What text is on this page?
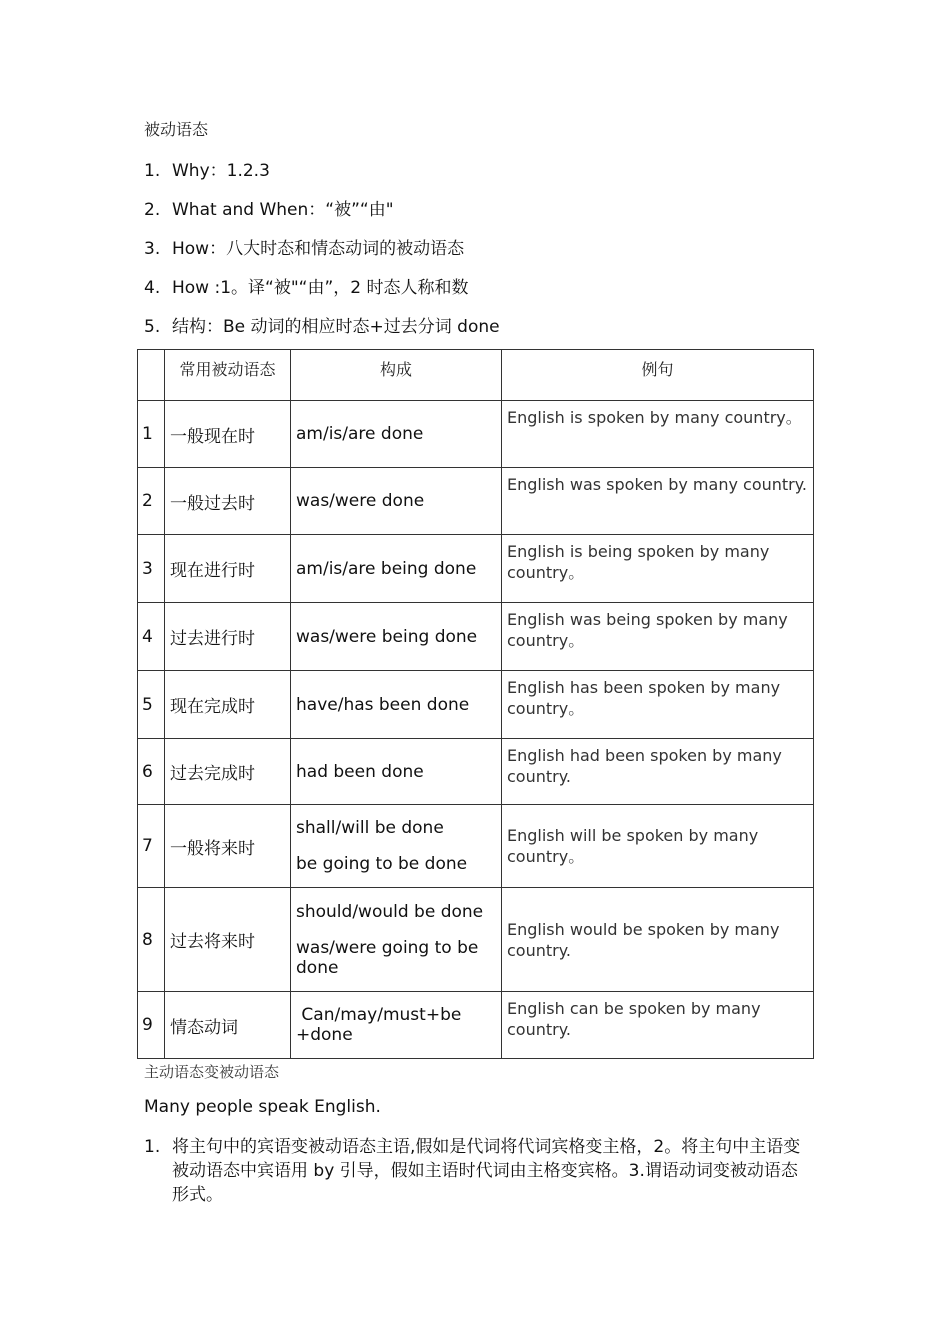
被动语态
1. Why：1.2.3
2. What and When：“被”“由"
3. How：八大时态和情态动词的被动语态
4. How :1。译“被"“由”，2 时态人称和数
5. 结构：Be 动词的相应时态+过去分词 done
	常用被动语态	构成	例句
1	一般现在时	am/is/are done	English is spoken by many country。
2	一般过去时	was/were done	English was spoken by many country.
3	现在进行时	am/is/are being done	English is being spoken by many country。
4	过去进行时	was/were being done	English was being spoken by many country。
5	现在完成时	have/has been done	English has been spoken by many country。
6	过去完成时	had been done	English had been spoken by many country.
7	一般将来时	shall/will be done
be going to be done	English will be spoken by many country。
8	过去将来时	should/would be done
was/were going to be done	English would be spoken by many country.
9	情态动词	Can/may/must+be +done	English can be spoken by many country.
主动语态变被动语态
Many people speak English.
1. 将主句中的宾语变被动语态主语,假如是代词将代词宾格变主格，2。将主句中主语变被动语态中宾语用 by 引导，假如主语时代词由主格变宾格。3.谓语动词变被动语态形式。
